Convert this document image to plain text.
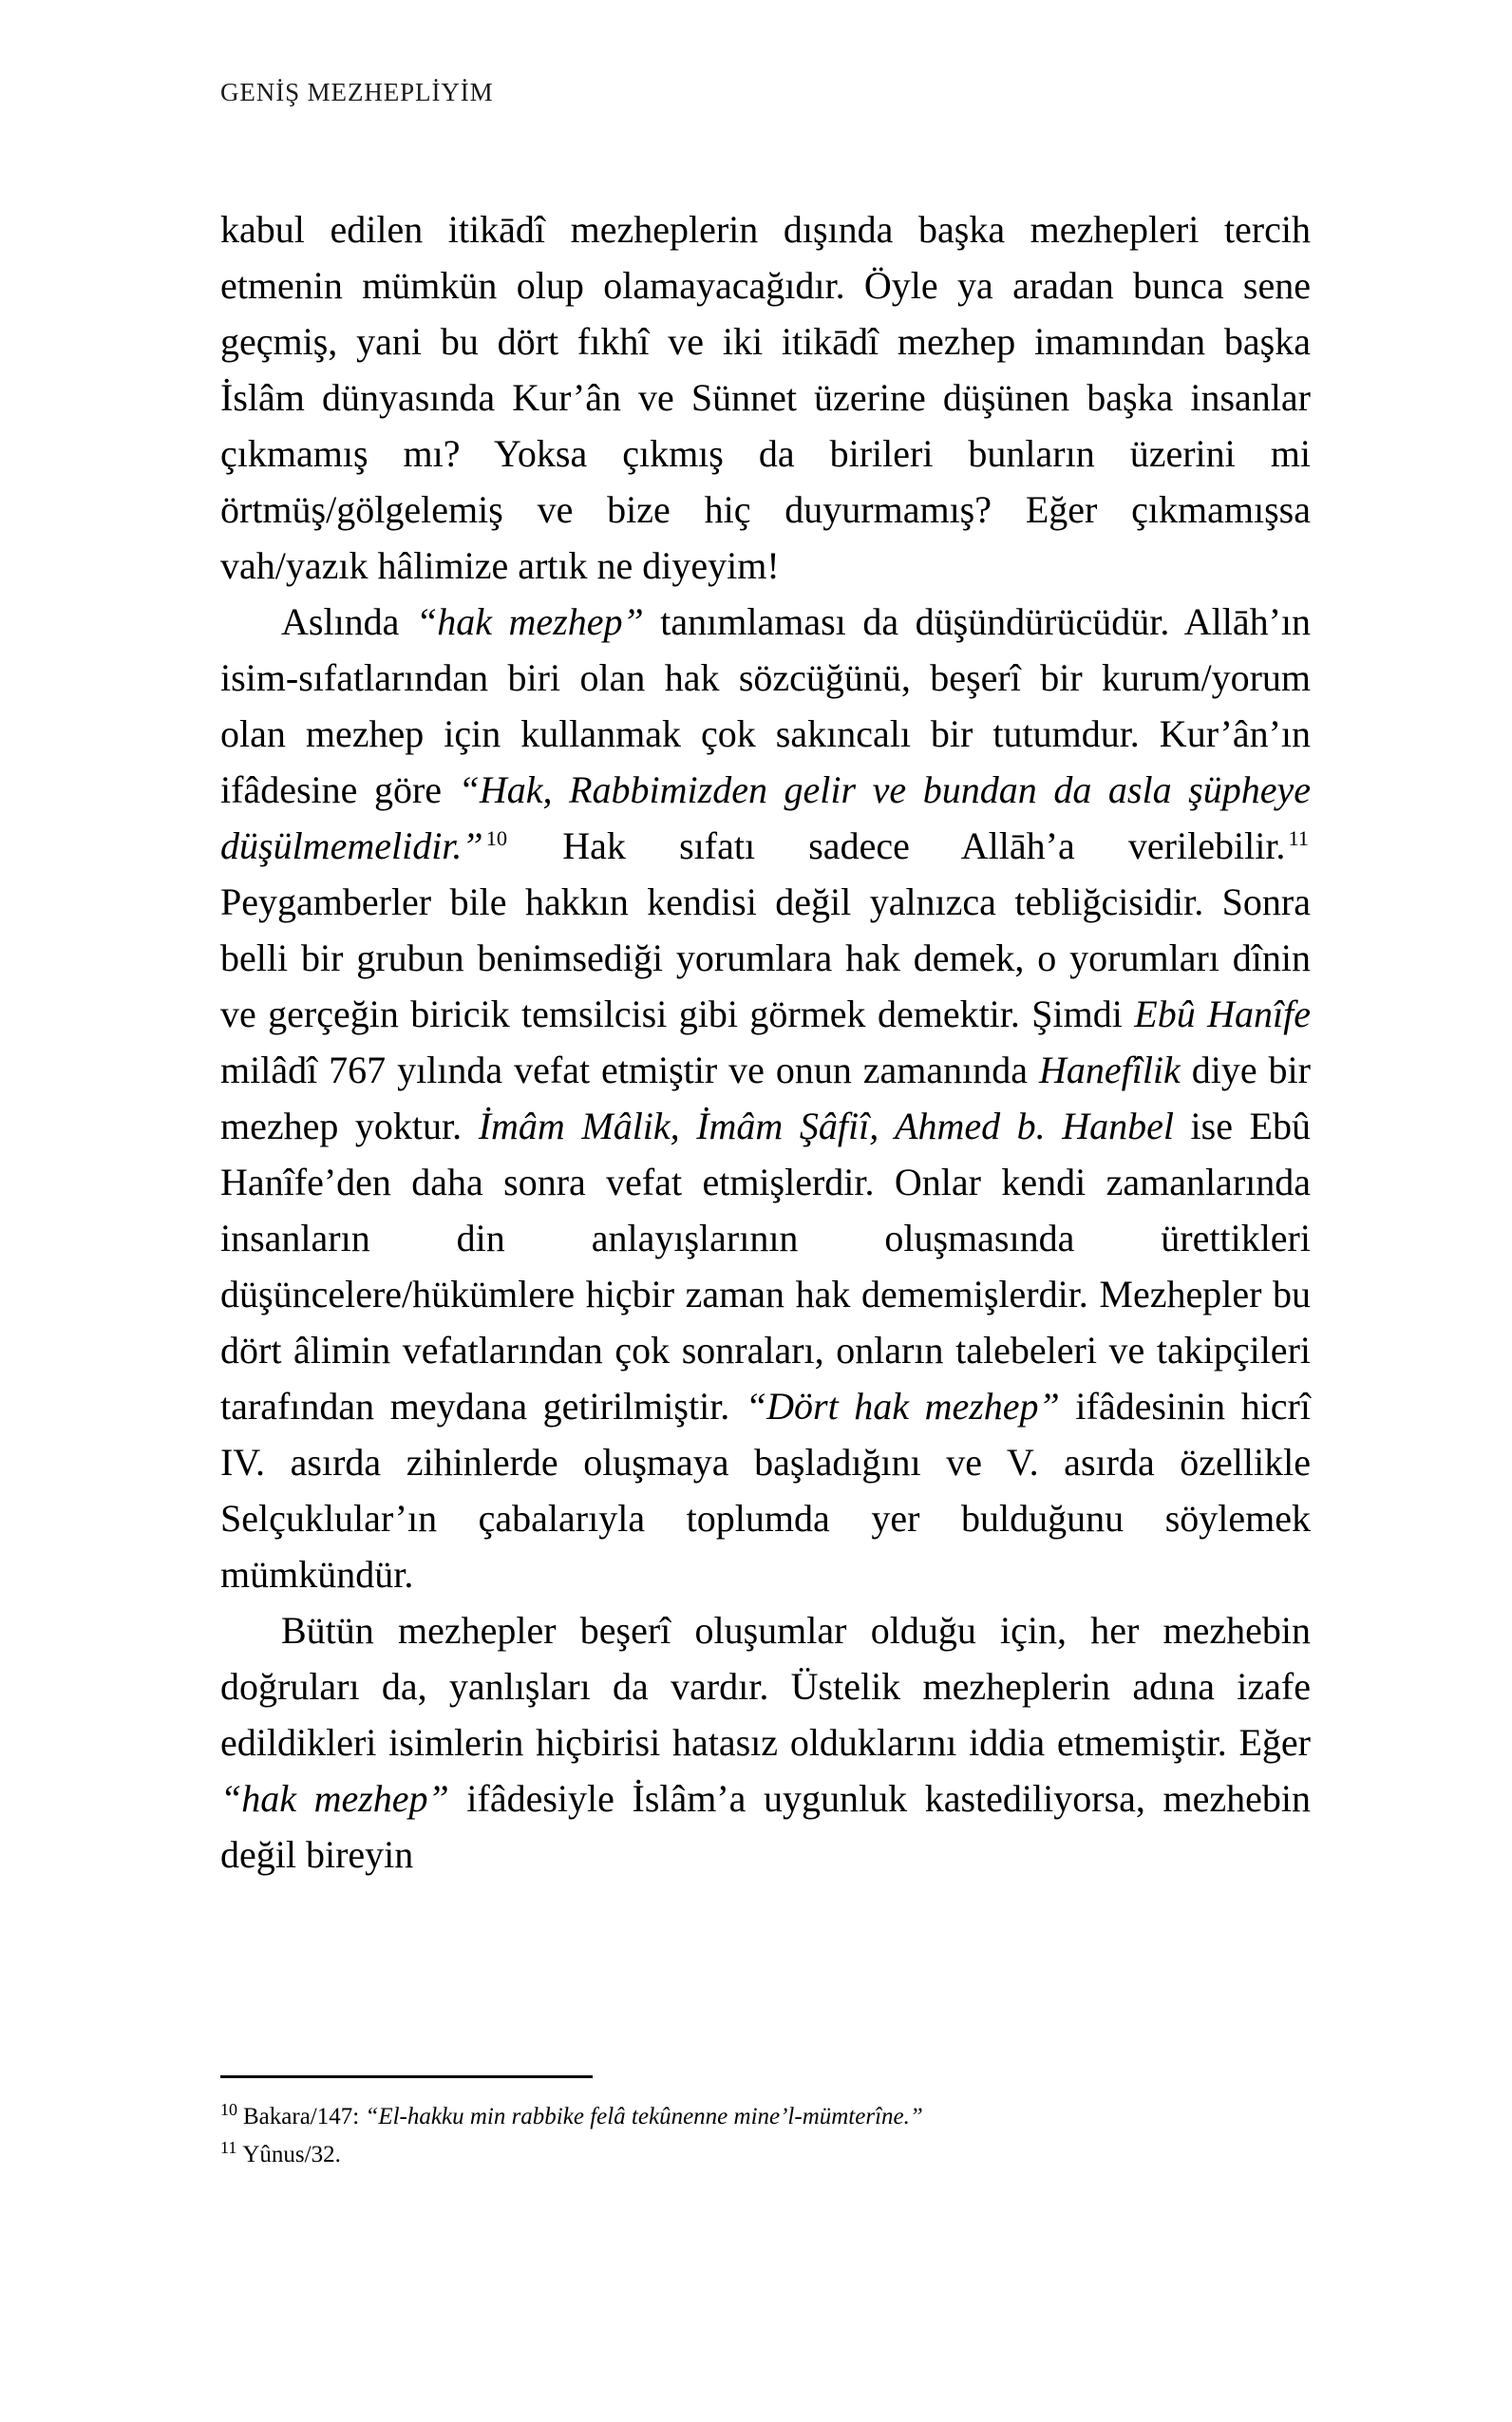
GENİŞ MEZHEPLİYİM

kabul edilen itikādî mezheplerin dışında başka mezhepleri tercih etmenin mümkün olup olamayacağıdır. Öyle ya aradan bunca sene geçmiş, yani bu dört fıkhî ve iki itikādî mezhep imamından başka İslâm dünyasında Kur’ân ve Sünnet üzerine düşünen başka insanlar çıkmamış mı? Yoksa çıkmış da birileri bunların üzerini mi örtmüş/gölgelemiş ve bize hiç duyurmamış? Eğer çıkmamışsa vah/yazık hâlimize artık ne diyeyim!

Aslında “hak mezhep” tanımlaması da düşündürücüdür. Allāh’ın isim-sıfatlarından biri olan hak sözcüğünü, beşerî bir kurum/yorum olan mezhep için kullanmak çok sakıncalı bir tutumdur. Kur’ân’ın ifâdesine göre “Hak, Rabbimizden gelir ve bundan da asla şüpheye düşülmemelidir.” $^{10}$ Hak sıfatı sadece Allāh’a verilebilir. $^{11}$ Peygamberler bile hakkın kendisi değil yalnızca tebliğcisidir. Sonra belli bir grubun benimsediği yorumlara hak demek, o yorumları dînin ve gerçeğin biricik temsilcisi gibi görmek demektir. Şimdi Ebû Hanîfe milâdî 767 yılında vefat etmiştir ve onun zamanında Hanefîlik diye bir mezhep yoktur. İmâm Mâlik, İmâm Şâfiî, Ahmed b. Hanbel ise Ebû Hanîfe’den daha sonra vefat etmişlerdir. Onlar kendi zamanlarında insanların din anlayışlarının oluşmasında ürettikleri düşüncelere/hükümlere hiçbir zaman hak dememişlerdir. Mezhepler bu dört âlimin vefatlarından çok sonraları, onların talebeleri ve takipçileri tarafından meydana getirilmiştir. “Dört hak mezhep” ifâdesinin hicrî IV. asırda zihinlerde oluşmaya başladığını ve V. asırda özellikle Selçuklular’ın çabalarıyla toplumda yer bulduğunu söylemek mümkündür.

Bütün mezhepler beşerî oluşumlar olduğu için, her mezhebin doğruları da, yanlışları da vardır. Üstelik mezheplerin adına izafe edildikleri isimlerin hiçbirisi hatasız olduklarını iddia etmemiştir. Eğer “hak mezhep” ifâdesiyle İslâm’a uygunluk kastediliyorsa, mezhebin değil bireyin

$^{10}$ Bakara/147: “El-hakku min rabbike felâ tekûnenne mine’l-mümterîne.”

$^{11}$ Yûnus/32.
